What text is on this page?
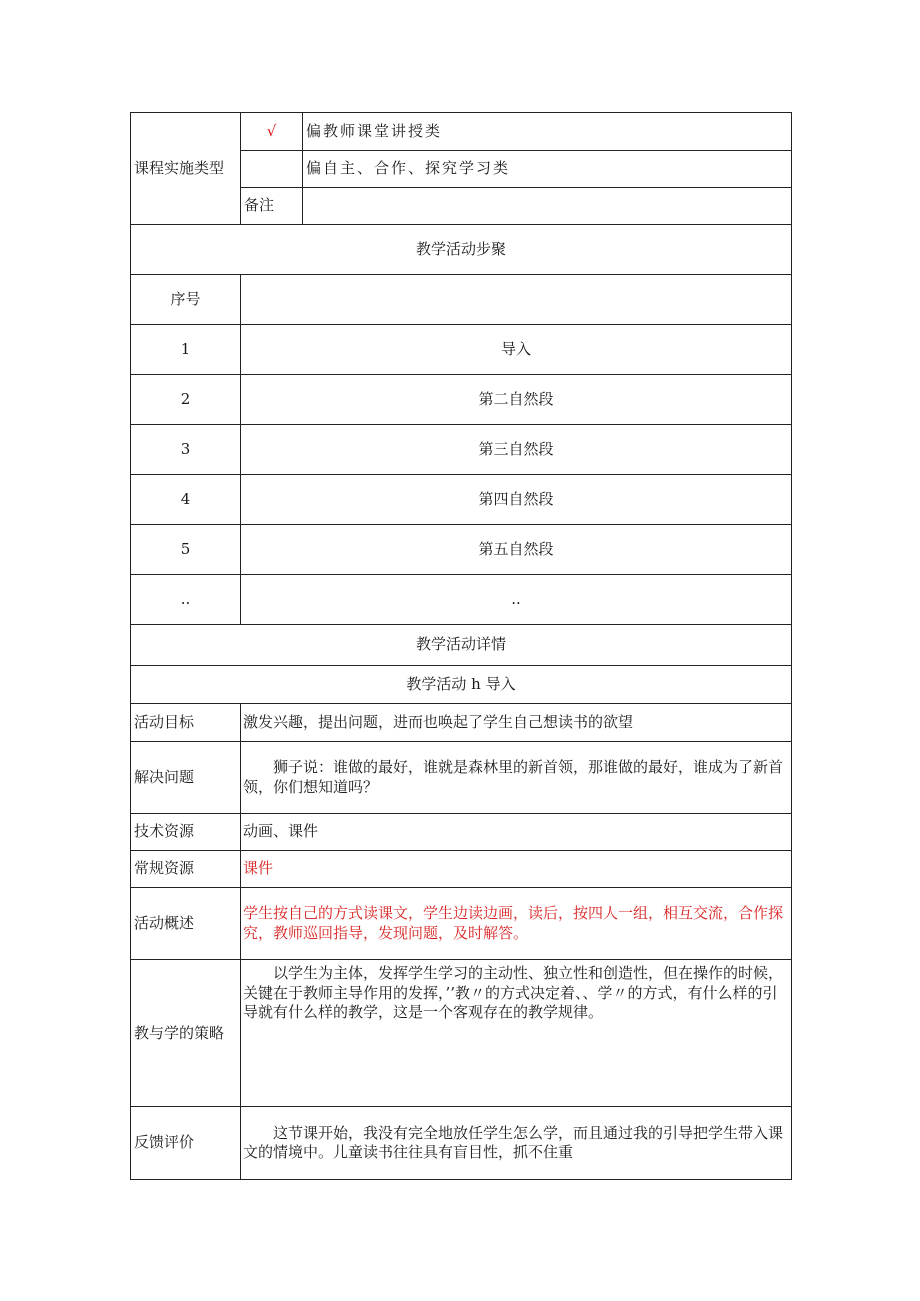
课程实施类型	√	偏教师课堂讲授类
		偏自主、合作、探究学习类
	备注	
教学活动步聚		
序号		
1	导入	
2	第二自然段	
3	第三自然段	
4	第四自然段	
5	第五自然段	
..	..	
教学活动详情		
教学活动 h 导入		
活动目标	激发兴趣，提出问题，进而也唤起了学生自己想读书的欲望	
解决问题	狮子说：谁做的最好，谁就是森林里的新首领，那谁做的最好，谁成为了新首领，你们想知道吗？	
技术资源	动画、课件	
常规资源	课件	
活动概述	学生按自己的方式读课文，学生边读边画，读后，按四人一组，相互交流，合作探究，教师巡回指导，发现问题，及时解答。	
教与学的策略	以学生为主体，发挥学生学习的主动性、独立性和创造性，但在操作的时候，关键在于教师主导作用的发挥，’’教〃的方式决定着、、学〃的方式，有什么样的引导就有什么样的教学，这是一个客观存在的教学规律。	
反馈评价	这节课开始，我没有完全地放任学生怎么学，而且通过我的引导把学生带入课文的情境中。儿童读书往往具有盲目性，抓不住重	
